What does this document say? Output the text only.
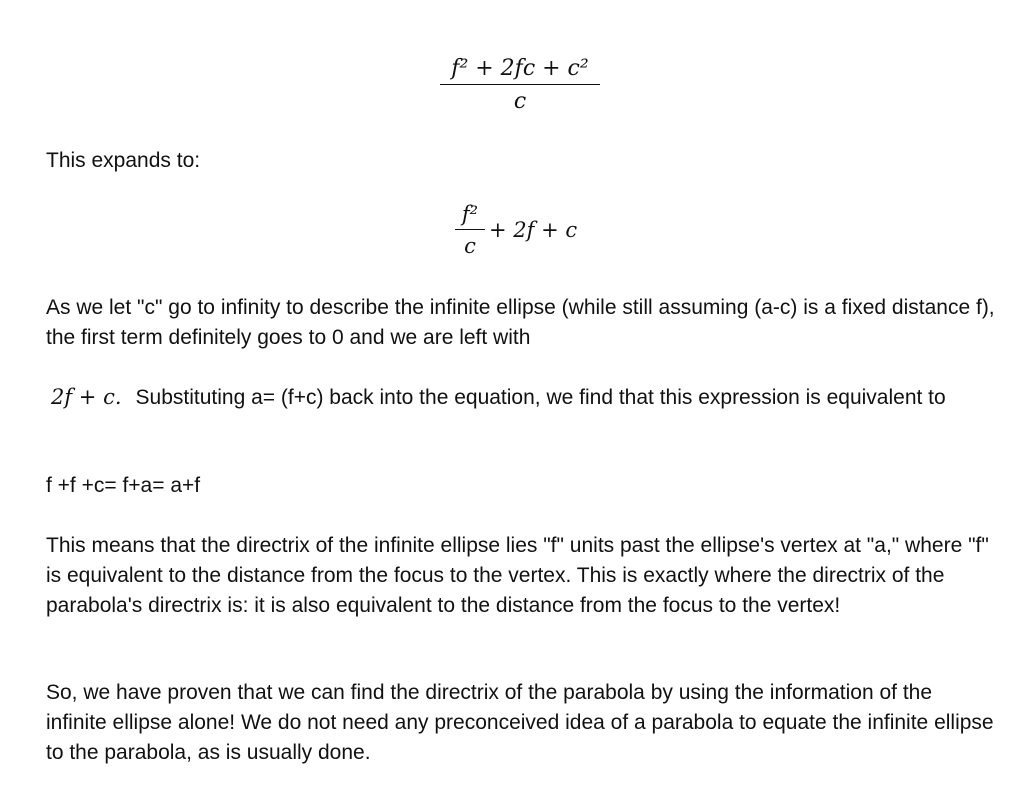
$\frac{\text{f² + 2fc + c²}}{c}$
This expands to:
$\frac{\text{f²}}{c} + 2f + c$
As we let "c" go to infinity to describe the infinite ellipse (while still assuming (a-c) is a fixed distance f), the first term definitely goes to 0 and we are left with
2f + c. Substituting a= (f+c) back into the equation, we find that this expression is equivalent to
f +f +c= f+a= a+f
This means that the directrix of the infinite ellipse lies "f" units past the ellipse's vertex at "a," where "f" is equivalent to the distance from the focus to the vertex. This is exactly where the directrix of the parabola's directrix is: it is also equivalent to the distance from the focus to the vertex!
So, we have proven that we can find the directrix of the parabola by using the information of the infinite ellipse alone! We do not need any preconceived idea of a parabola to equate the infinite ellipse to the parabola, as is usually done.
